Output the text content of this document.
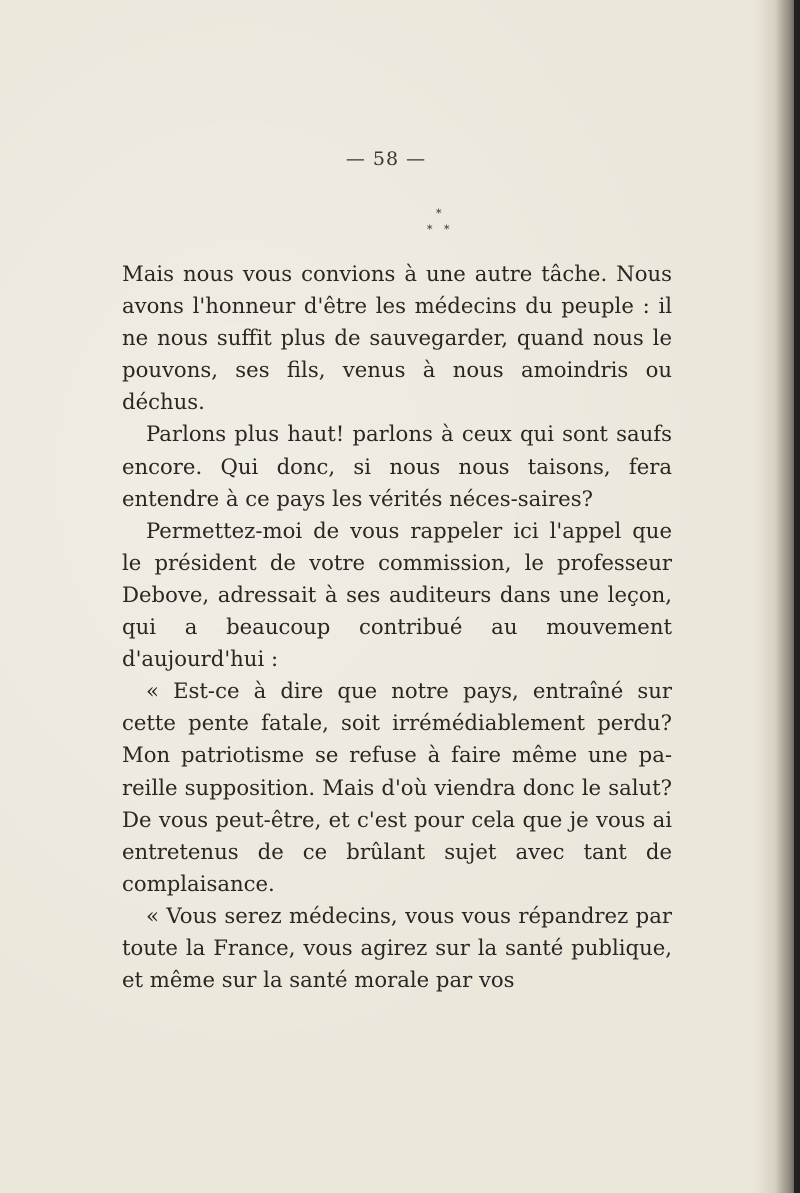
— 58 —
*
* *

Mais nous vous convions à une autre tâche. Nous avons l'honneur d'être les médecins du peuple : il ne nous suffit plus de sauvegarder, quand nous le pouvons, ses fils, venus à nous amoindris ou déchus.

Parlons plus haut! parlons à ceux qui sont saufs encore. Qui donc, si nous nous taisons, fera entendre à ce pays les vérités néces-saires?

Permettez-moi de vous rappeler ici l'appel que le président de votre commission, le professeur Debove, adressait à ses auditeurs dans une leçon, qui a beaucoup contribué au mouvement d'aujourd'hui :

« Est-ce à dire que notre pays, entraîné sur cette pente fatale, soit irrémédiablement perdu? Mon patriotisme se refuse à faire même une pa-reille supposition. Mais d'où viendra donc le salut? De vous peut-être, et c'est pour cela que je vous ai entretenus de ce brûlant sujet avec tant de complaisance.

« Vous serez médecins, vous vous répandrez par toute la France, vous agirez sur la santé publique, et même sur la santé morale par vos
